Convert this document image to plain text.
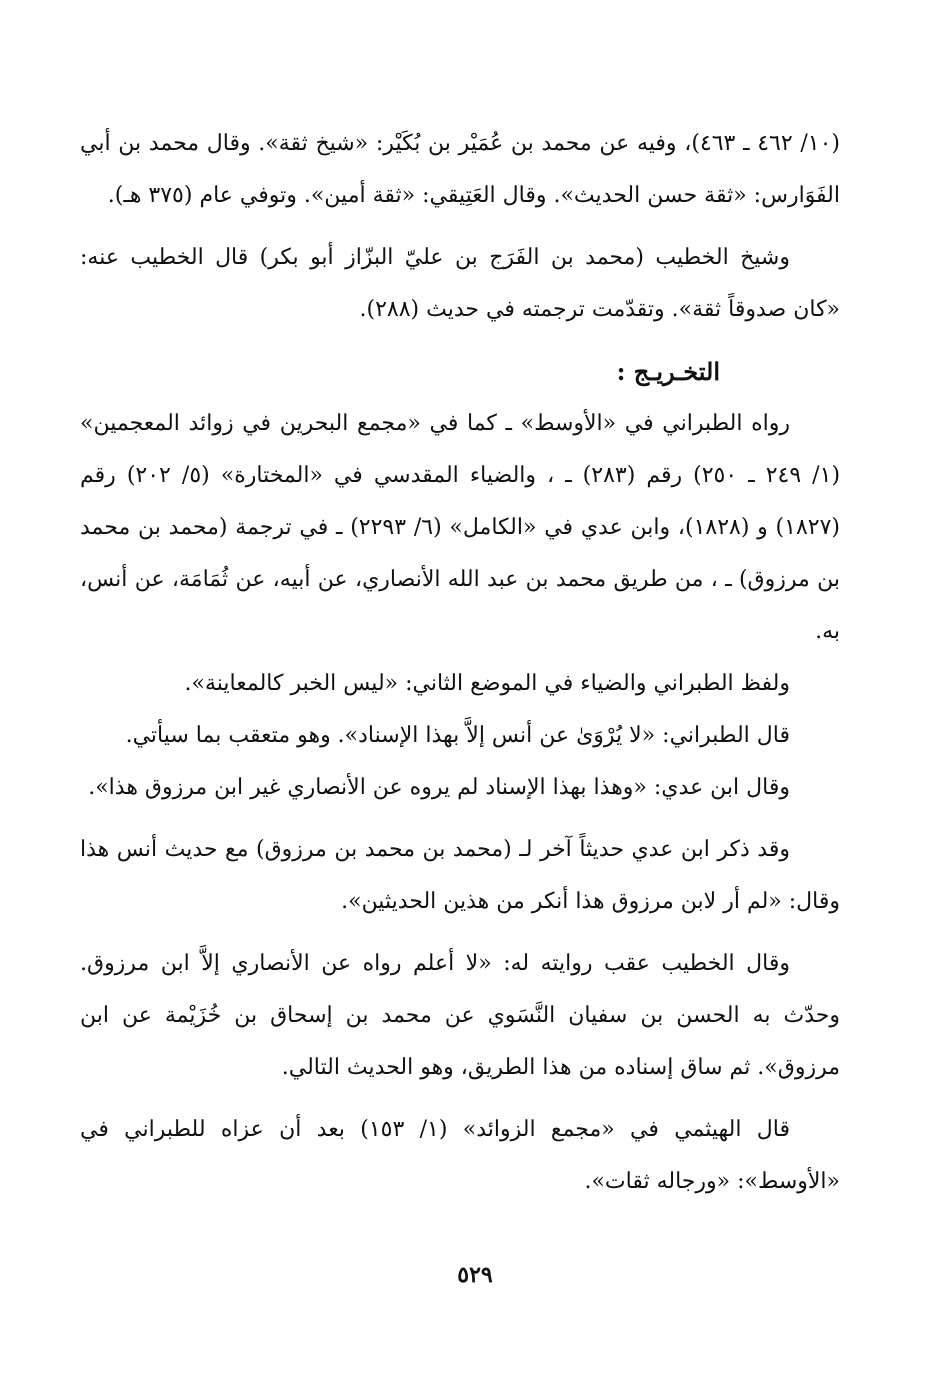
(١٠/ ٤٦٢ ـ ٤٦٣)، وفيه عن محمد بن عُمَيْر بن بُكَيْر: «شيخ ثقة». وقال محمد بن أبي الفَوَارس: «ثقة حسن الحديث». وقال العَتِيقي: «ثقة أمين». وتوفي عام (٣٧٥ هـ).

وشيخ الخطيب (محمد بن الفَرَج بن عليّ البزّاز أبو بكر) قال الخطيب عنه: «كان صدوقاً ثقة». وتقدّمت ترجمته في حديث (٢٨٨).

التخـريـج :

رواه الطبراني في «الأوسط» ـ كما في «مجمع البحرين في زوائد المعجمين» (١/ ٢٤٩ ـ ٢٥٠) رقم (٢٨٣) ـ ، والضياء المقدسي في «المختارة» (٥/ ٢٠٢) رقم (١٨٢٧) و (١٨٢٨)، وابن عدي في «الكامل» (٦/ ٢٢٩٣) ـ في ترجمة (محمد بن محمد بن مرزوق) ـ ، من طريق محمد بن عبد الله الأنصاري، عن أبيه، عن ثُمَامَة، عن أنس، به.

ولفظ الطبراني والضياء في الموضع الثاني: «ليس الخبر كالمعاينة».

قال الطبراني: «لا يُرْوَىٰ عن أنس إلاَّ بهذا الإسناد». وهو متعقب بما سيأتي.

وقال ابن عدي: «وهذا بهذا الإسناد لم يروه عن الأنصاري غير ابن مرزوق هذا».

وقد ذكر ابن عدي حديثاً آخر لـ (محمد بن محمد بن مرزوق) مع حديث أنس هذا وقال: «لم أر لابن مرزوق هذا أنكر من هذين الحديثين».

وقال الخطيب عقب روايته له: «لا أعلم رواه عن الأنصاري إلاَّ ابن مرزوق. وحدّث به الحسن بن سفيان النَّسَوي عن محمد بن إسحاق بن خُزَيْمة عن ابن مرزوق». ثم ساق إسناده من هذا الطريق، وهو الحديث التالي.

قال الهيثمي في «مجمع الزوائد» (١/ ١٥٣) بعد أن عزاه للطبراني في «الأوسط»: «ورجاله ثقات».

٥٢٩
